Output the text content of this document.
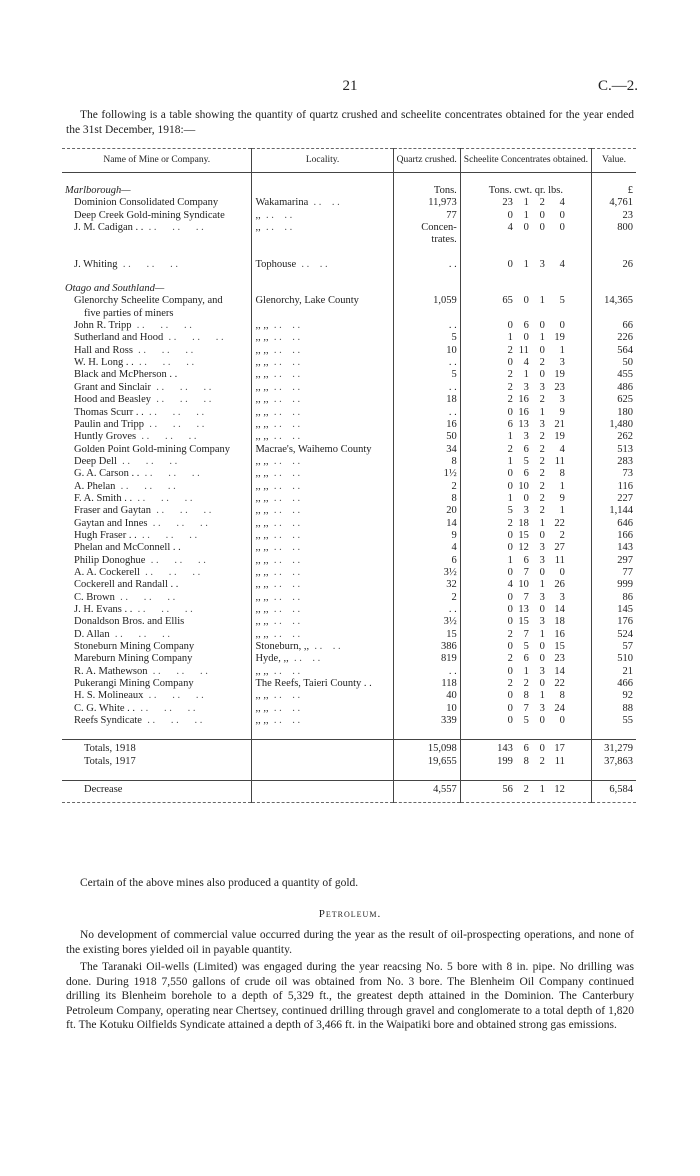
21	C.—2.
The following is a table showing the quantity of quartz crushed and scheelite concentrates obtained for the year ended the 31st December, 1918:—
Name of Mine or Company.	Locality.	Quartz crushed.	Scheelite Concentrates obtained.	Value.

Marlborough—		Tons.	Tons. cwt. qr. lbs.	£
Dominion Consolidated Company	Wakamarina . .	11,973	23 1 2 4	4,761
Deep Creek Gold-mining Syndicate	,, . .	77	0 1 0 0	23
J. M. Cadigan . . . .	,, . .	Concen-	4 0 0 0	800
		trates.		

J. Whiting . .	Tophouse . .	. .	0 1 3 4	26

Otago and Southland—				
Glenorchy Scheelite Company, and	Glenorchy, Lake County	1,059	65 0 1 5	14,365
five parties of miners				
John R. Tripp . .	,, ,, . .	. .	0 6 0 0	66
Sutherland and Hood . .	,, ,, . .	5	1 0 1 19	226
Hall and Ross . .	,, ,, . .	10	2 11 0 1	564
W. H. Long . . . .	,, ,, . .	. .	0 4 2 3	50
Black and McPherson . .	,, ,, . .	5	2 1 0 19	455
Grant and Sinclair . .	,, ,, . .	. .	2 3 3 23	486
Hood and Beasley . .	,, ,, . .	18	2 16 2 3	625
Thomas Scurr . . . .	,, ,, . .	. .	0 16 1 9	180
Paulin and Tripp . .	,, ,, . .	16	6 13 3 21	1,480
Huntly Groves . .	,, ,, . .	50	1 3 2 19	262
Golden Point Gold-mining Company	Macrae's, Waihemo County	34	2 6 2 4	513
Deep Dell . .	,, ,, . .	8	1 5 2 11	283
G. A. Carson . . . .	,, ,, . .	1½	0 6 2 8	73
A. Phelan . .	,, ,, . .	2	0 10 2 1	116
F. A. Smith . . . .	,, ,, . .	8	1 0 2 9	227
Fraser and Gaytan . .	,, ,, . .	20	5 3 2 1	1,144
Gaytan and Innes . .	,, ,, . .	14	2 18 1 22	646
Hugh Fraser . . . .	,, ,, . .	9	0 15 0 2	166
Phelan and McConnell . .	,, ,, . .	4	0 12 3 27	143
Philip Donoghue . .	,, ,, . .	6	1 6 3 11	297
A. A. Cockerell . .	,, ,, . .	3½	0 7 0 0	77
Cockerell and Randall . .	,, ,, . .	32	4 10 1 26	999
C. Brown . .	,, ,, . .	2	0 7 3 3	86
J. H. Evans . . . .	,, ,, . .	. .	0 13 0 14	145
Donaldson Bros. and Ellis	,, ,, . .	3½	0 15 3 18	176
D. Allan . .	,, ,, . .	15	2 7 1 16	524
Stoneburn Mining Company	Stoneburn, ,, . .	386	0 5 0 15	57
Mareburn Mining Company	Hyde, ,, . .	819	2 6 0 23	510
R. A. Mathewson . .	,, ,, . .	. .	0 1 3 14	21
Pukerangi Mining Company	The Reefs, Taieri County . .	118	2 2 0 22	466
H. S. Molineaux . .	,, ,, . .	40	0 8 1 8	92
C. G. White . . . .	,, ,, . .	10	0 7 3 24	88
Reefs Syndicate . .	,, ,, . .	339	0 5 0 0	55

Totals, 1918		15,098	143 6 0 17	31,279
Totals, 1917		19,655	199 8 2 11	37,863

Decrease		4,557	56 2 1 12	6,584
Certain of the above mines also produced a quantity of gold.
Petroleum.
No development of commercial value occurred during the year as the result of oil-prospecting operations, and none of the existing bores yielded oil in payable quantity.
The Taranaki Oil-wells (Limited) was engaged during the year reacsing No. 5 bore with 8 in. pipe. No drilling was done. During 1918 7,550 gallons of crude oil was obtained from No. 3 bore. The Blenheim Oil Company continued drilling its Blenheim borehole to a depth of 5,329 ft., the greatest depth attained in the Dominion. The Canterbury Petroleum Company, operating near Chertsey, continued drilling through gravel and conglomerate to a total depth of 1,820 ft. The Kotuku Oilfields Syndicate attained a depth of 3,466 ft. in the Waipatiki bore and obtained strong gas emissions.
